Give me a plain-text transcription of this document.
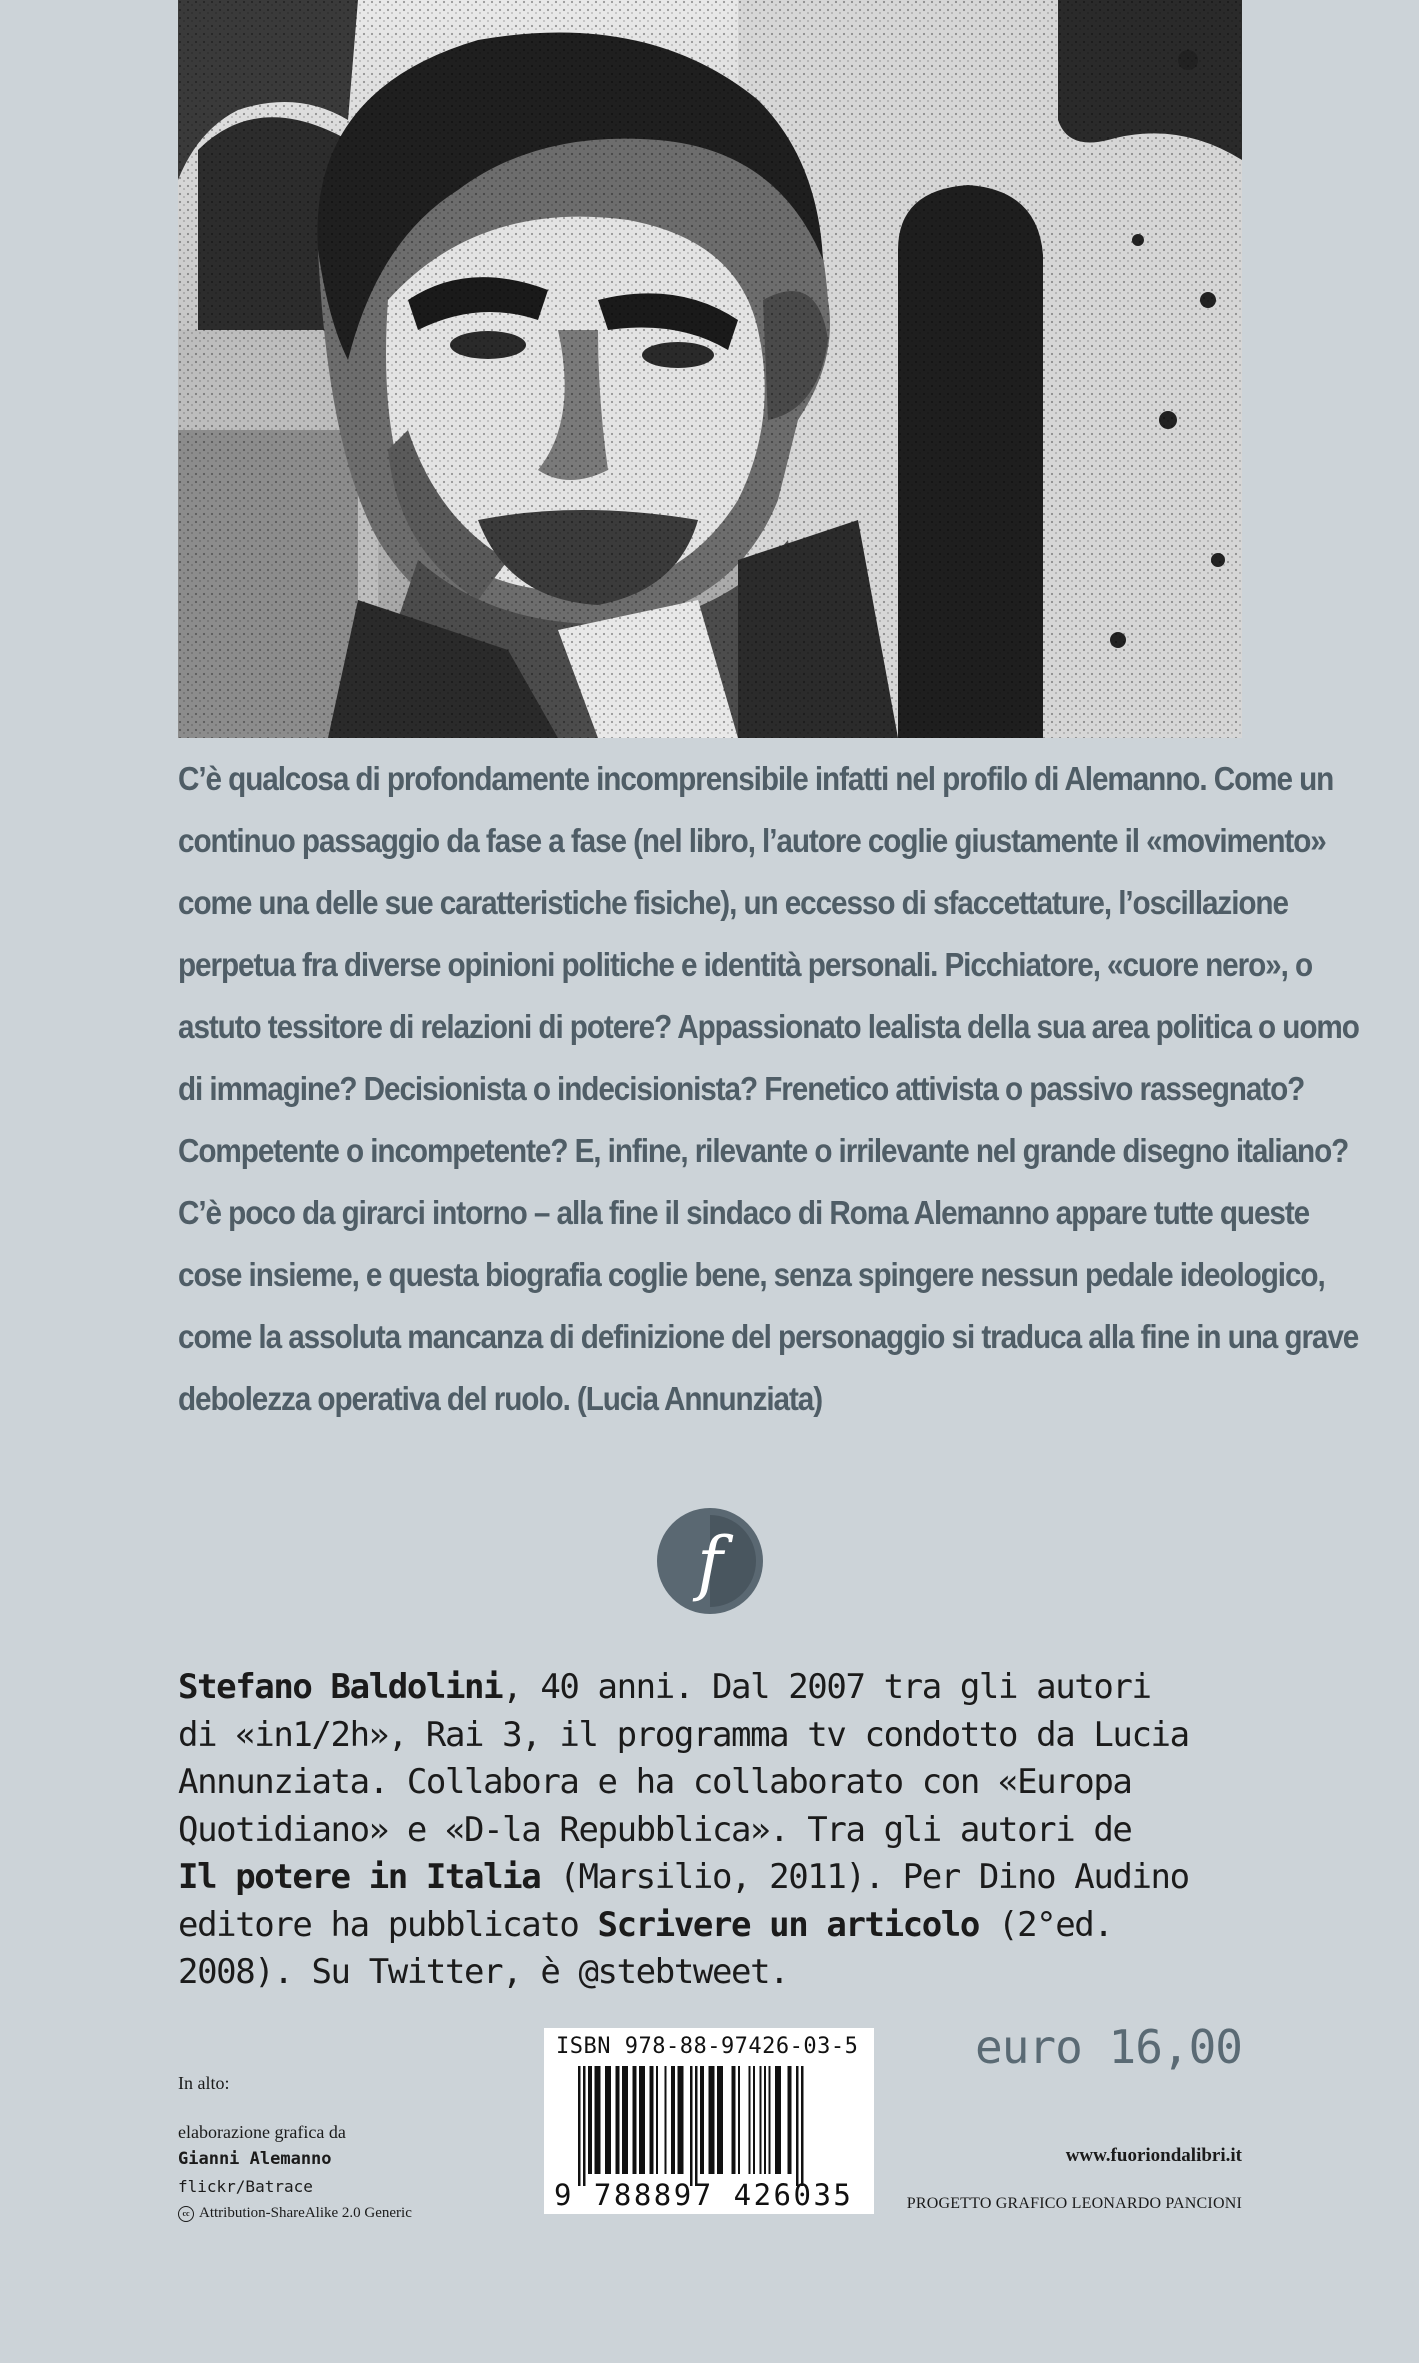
C’è qualcosa di profondamente incomprensibile infatti nel profilo di Alemanno. Come un
continuo passaggio da fase a fase (nel libro, l’autore coglie giustamente il «movimento»
come una delle sue caratteristiche fisiche), un eccesso di sfaccettature, l’oscillazione
perpetua fra diverse opinioni politiche e identità personali. Picchiatore, «cuore nero», o
astuto tessitore di relazioni di potere? Appassionato lealista della sua area politica o uomo
di immagine? Decisionista o indecisionista? Frenetico attivista o passivo rassegnato?
Competente o incompetente? E, infine, rilevante o irrilevante nel grande disegno italiano?
C’è poco da girarci intorno – alla fine il sindaco di Roma Alemanno appare tutte queste
cose insieme, e questa biografia coglie bene, senza spingere nessun pedale ideologico,
come la assoluta mancanza di definizione del personaggio si traduca alla fine in una grave
debolezza operativa del ruolo. (Lucia Annunziata)
f
Stefano Baldolini, 40 anni. Dal 2007 tra gli autori
di «in1/2h», Rai 3, il programma tv condotto da Lucia
Annunziata. Collabora e ha collaborato con «Europa
Quotidiano» e «D-la Repubblica». Tra gli autori de
Il potere in Italia (Marsilio, 2011). Per Dino Audino
editore ha pubblicato Scrivere un articolo (2°ed.
2008). Su Twitter, è @stebtweet.
In alto:
elaborazione grafica da
Gianni Alemanno
flickr/Batrace
cc Attribution-ShareAlike 2.0 Generic
ISBN 978-88-97426-03-5
9 788897 426035
euro 16,00
www.fuoriondalibri.it
PROGETTO GRAFICO LEONARDO PANCIONI
